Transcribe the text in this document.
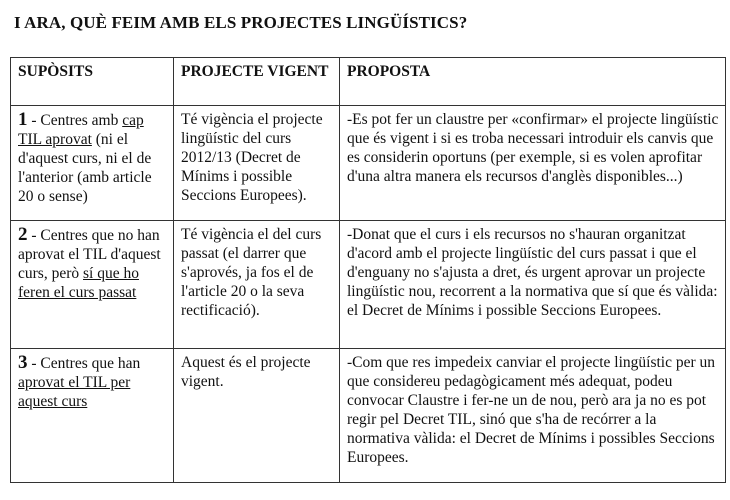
I ARA, QUÈ FEIM AMB ELS PROJECTES LINGÜÍSTICS?
SUPÒSITS	PROJECTE VIGENT	PROPOSTA
1 - Centres amb cap TIL aprovat (ni el d'aquest curs, ni el de l'anterior (amb article 20 o sense)	Té vigència el projecte lingüístic del curs 2012/13 (Decret de Mínims i possible Seccions Europees).	-Es pot fer un claustre per «confirmar» el projecte lingüístic que és vigent i si es troba necessari introduir els canvis que es considerin oportuns (per exemple, si es volen aprofitar d'una altra manera els recursos d'anglès disponibles...)
2 - Centres que no han aprovat el TIL d'aquest curs, però sí que ho feren el curs passat	Té vigència el del curs passat (el darrer que s'aprovés, ja fos el de l'article 20 o la seva rectificació).	-Donat que el curs i els recursos no s'hauran organitzat d'acord amb el projecte lingüístic del curs passat i que el d'enguany no s'ajusta a dret, és urgent aprovar un projecte lingüístic nou, recorrent a la normativa que sí que és vàlida: el Decret de Mínims i possible Seccions Europees.
3 - Centres que han aprovat el TIL per aquest curs	Aquest és el projecte vigent.	-Com que res impedeix canviar el projecte lingüístic per un que considereu pedagògicament més adequat, podeu convocar Claustre i fer-ne un de nou, però ara ja no es pot regir pel Decret TIL, sinó que s'ha de recórrer a la normativa vàlida: el Decret de Mínims i possibles Seccions Europees.
